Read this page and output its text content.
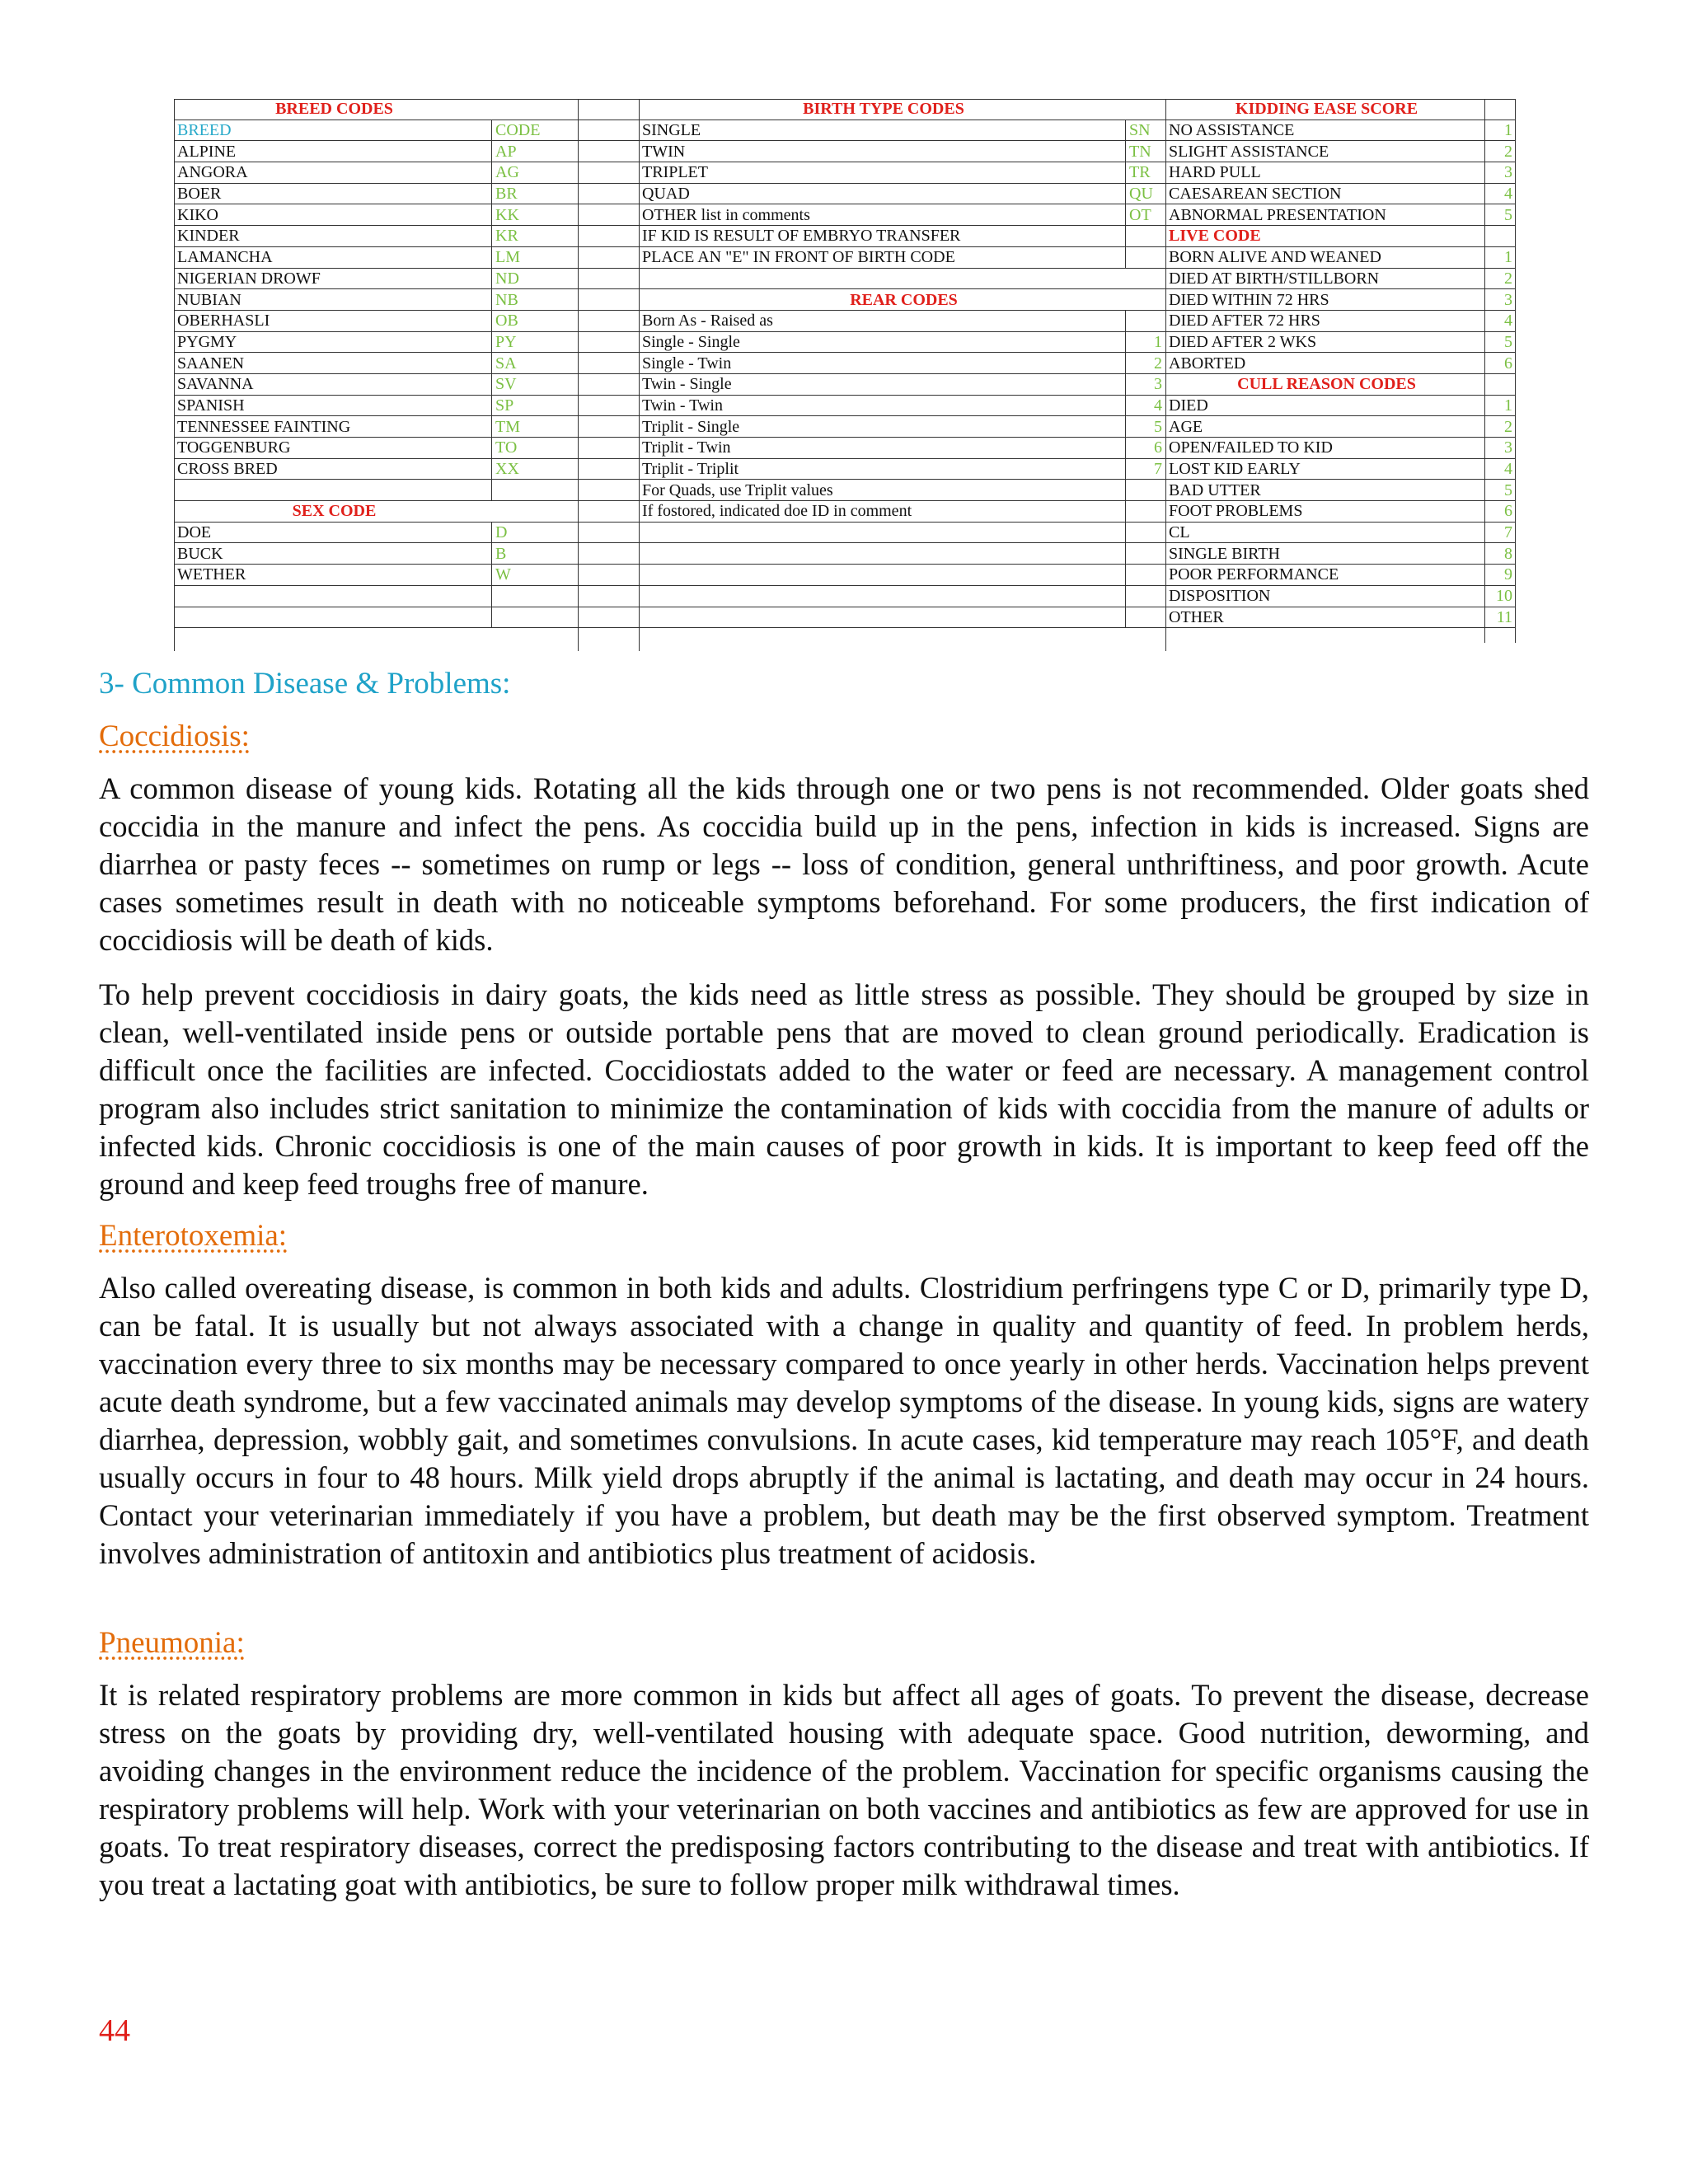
BREED CODES
BREED	CODE
ALPINE	AP
ANGORA	AG
BOER	BR
KIKO	KK
KINDER	KR
LAMANCHA	LM
NIGERIAN DROWF	ND
NUBIAN	NB
OBERHASLI	OB
PYGMY	PY
SAANEN	SA
SAVANNA	SV
SPANISH	SP
TENNESSEE FAINTING	TM
TOGGENBURG	TO
CROSS BRED	XX
SEX CODE
DOE	D
BUCK	B
WETHER	W
BIRTH TYPE CODES
SINGLE	SN
TWIN	TN
TRIPLET	TR
QUAD	QU
OTHER list in comments	OT
IF KID IS RESULT OF EMBRYO TRANSFER
PLACE AN "E" IN FRONT OF BIRTH CODE
REAR CODES
Born As - Raised as
Single - Single	1
Single - Twin	2
Twin - Single	3
Twin - Twin	4
Triplit - Single	5
Triplit - Twin	6
Triplit - Triplit	7
For Quads, use Triplit values
If fostored, indicated doe ID in comment
KIDDING EASE SCORE
NO ASSISTANCE	1
SLIGHT ASSISTANCE	2
HARD PULL	3
CAESAREAN SECTION	4
ABNORMAL PRESENTATION	5
LIVE CODE
BORN ALIVE AND WEANED	1
DIED AT BIRTH/STILLBORN	2
DIED WITHIN 72 HRS	3
DIED AFTER 72 HRS	4
DIED AFTER 2 WKS	5
ABORTED	6
CULL REASON CODES
DIED	1
AGE	2
OPEN/FAILED TO KID	3
LOST KID EARLY	4
BAD UTTER	5
FOOT PROBLEMS	6
CL	7
SINGLE BIRTH	8
POOR PERFORMANCE	9
DISPOSITION	10
OTHER	11
3- Common Disease & Problems:
Coccidiosis:
A common disease of young kids. Rotating all the kids through one or two pens is not recommended. Older goats shed coccidia in the manure and infect the pens. As coccidia build up in the pens, infection in kids is increased. Signs are diarrhea or pasty feces -- sometimes on rump or legs -- loss of condition, general unthriftiness, and poor growth. Acute cases sometimes result in death with no noticeable symptoms beforehand. For some producers, the first indication of coccidiosis will be death of kids.
To help prevent coccidiosis in dairy goats, the kids need as little stress as possible. They should be grouped by size in clean, well-ventilated inside pens or outside portable pens that are moved to clean ground periodically. Eradication is difficult once the facilities are infected. Coccidiostats added to the water or feed are necessary. A management control program also includes strict sanitation to minimize the contamination of kids with coccidia from the manure of adults or infected kids. Chronic coccidiosis is one of the main causes of poor growth in kids. It is important to keep feed off the ground and keep feed troughs free of manure.
Enterotoxemia:
Also called overeating disease, is common in both kids and adults. Clostridium perfringens type C or D, primarily type D, can be fatal. It is usually but not always associated with a change in quality and quantity of feed. In problem herds, vaccination every three to six months may be necessary compared to once yearly in other herds. Vaccination helps prevent acute death syndrome, but a few vaccinated animals may develop symptoms of the disease. In young kids, signs are watery diarrhea, depression, wobbly gait, and sometimes convulsions. In acute cases, kid temperature may reach 105°F, and death usually occurs in four to 48 hours. Milk yield drops abruptly if the animal is lactating, and death may occur in 24 hours. Contact your veterinarian immediately if you have a problem, but death may be the first observed symptom. Treatment involves administration of antitoxin and antibiotics plus treatment of acidosis.
Pneumonia:
It is related respiratory problems are more common in kids but affect all ages of goats. To prevent the disease, decrease stress on the goats by providing dry, well-ventilated housing with adequate space. Good nutrition, deworming, and avoiding changes in the environment reduce the incidence of the problem. Vaccination for specific organisms causing the respiratory problems will help. Work with your veterinarian on both vaccines and antibiotics as few are approved for use in goats. To treat respiratory diseases, correct the predisposing factors contributing to the disease and treat with antibiotics. If you treat a lactating goat with antibiotics, be sure to follow proper milk withdrawal times.
44
